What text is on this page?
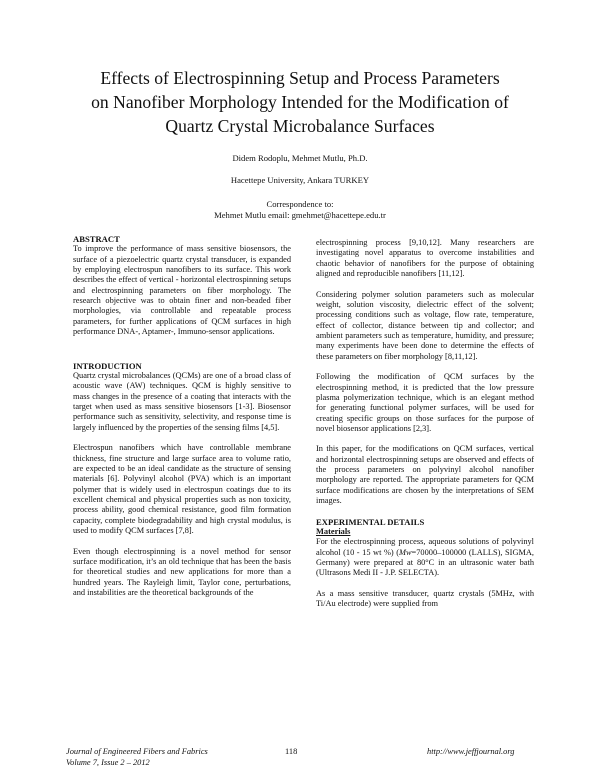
Effects of Electrospinning Setup and Process Parameters
on Nanofiber Morphology Intended for the Modification of
Quartz Crystal Microbalance Surfaces
Didem Rodoplu, Mehmet Mutlu, Ph.D.
Hacettepe University, Ankara TURKEY
Correspondence to:
Mehmet Mutlu email: gmehmet@hacettepe.edu.tr
ABSTRACT

To improve the performance of mass sensitive biosensors, the surface of a piezoelectric quartz crystal transducer, is expanded by employing electrospun nanofibers to its surface. This work describes the effect of vertical - horizontal electrospinning setups and electrospinning parameters on fiber morphology. The research objective was to obtain finer and non-beaded fiber morphologies, via controllable and repeatable process parameters, for further applications of QCM surfaces in high performance DNA-, Aptamer-, Immuno-sensor applications.

INTRODUCTION

Quartz crystal microbalances (QCMs) are one of a broad class of acoustic wave (AW) techniques. QCM is highly sensitive to mass changes in the presence of a coating that interacts with the target when used as mass sensitive biosensors [1-3]. Biosensor performance such as sensitivity, selectivity, and response time is largely influenced by the properties of the sensing films [4,5].

Electrospun nanofibers which have controllable membrane thickness, fine structure and large surface area to volume ratio, are expected to be an ideal candidate as the structure of sensing materials [6]. Polyvinyl alcohol (PVA) which is an important polymer that is widely used in electrospun coatings due to its excellent chemical and physical properties such as non toxicity, process ability, good chemical resistance, good film formation capacity, complete biodegradability and high crystal modulus, is used to modify QCM surfaces [7,8].

Even though electrospinning is a novel method for sensor surface modification, it’s an old technique that has been the basis for theoretical studies and new applications for more than a hundred years. The Rayleigh limit, Taylor cone, perturbations, and instabilities are the theoretical backgrounds of the

electrospinning process [9,10,12]. Many researchers are investigating novel apparatus to overcome instabilities and chaotic behavior of nanofibers for the purpose of obtaining aligned and reproducible nanofibers [11,12].

Considering polymer solution parameters such as molecular weight, solution viscosity, dielectric effect of the solvent; processing conditions such as voltage, flow rate, temperature, effect of collector, distance between tip and collector; and ambient parameters such as temperature, humidity, and pressure; many experiments have been done to determine the effects of these parameters on fiber morphology [8,11,12].

Following the modification of QCM surfaces by the electrospinning method, it is predicted that the low pressure plasma polymerization technique, which is an elegant method for generating functional polymer surfaces, will be used for creating specific groups on those surfaces for the purpose of novel biosensor applications [2,3].

In this paper, for the modifications on QCM surfaces, vertical and horizontal electrospinning setups are observed and effects of the process parameters on polyvinyl alcohol nanofiber morphology are reported. The appropriate parameters for QCM surface modifications are chosen by the interpretations of SEM images.

EXPERIMENTAL DETAILS
Materials

For the electrospinning process, aqueous solutions of polyvinyl alcohol (10 - 15 wt %) (Mw=70000–100000 (LALLS), SIGMA, Germany) were prepared at 80°C in an ultrasonic water bath (Ultrasons Medi II - J.P. SELECTA).

As a mass sensitive transducer, quartz crystals (5MHz, with Ti/Au electrode) were supplied from

Journal of Engineered Fibers and Fabrics
Volume 7, Issue 2 – 2012
118	http://www.jeffjournal.org
